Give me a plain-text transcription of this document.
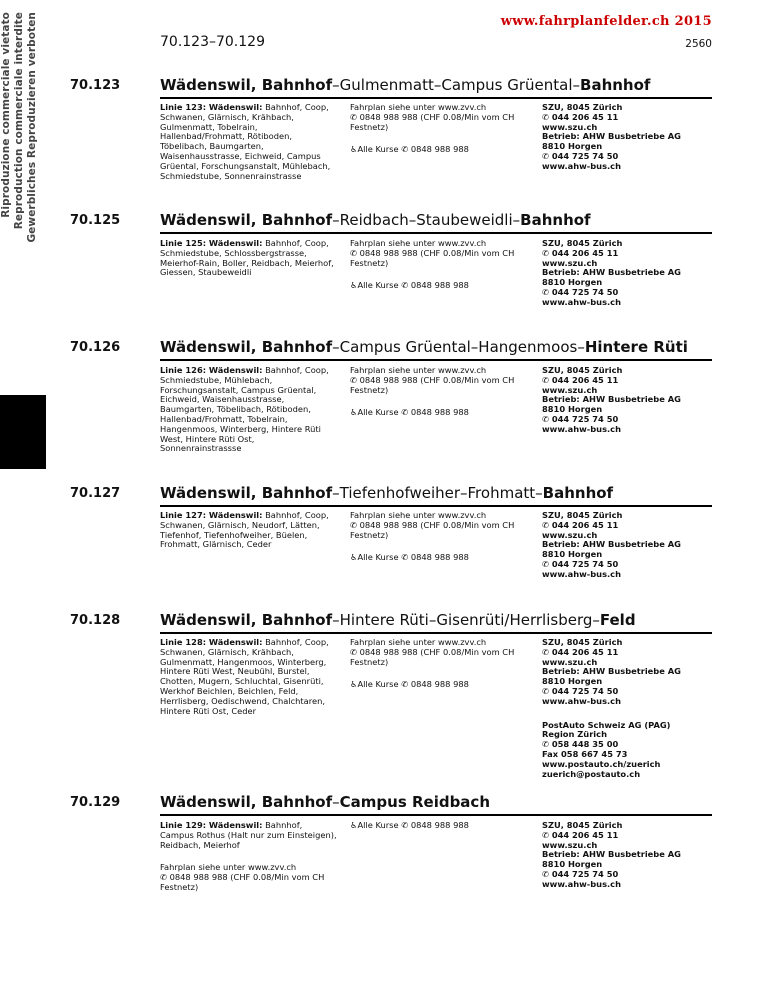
Gewerbliches Reproduzieren verboten
Reproduction commerciale interdite
Riproduzione commerciale vietato	www.fahrplanfelder.ch 2015
70.123–70.129	2560
70.123	Wädenswil, Bahnhof–Gulmenmatt–Campus Grüental–Bahnhof
Linie 123: Wädenswil: Bahnhof, Coop, Schwanen, Glärnisch, Krähbach, Gulmenmatt, Tobelrain, Hallenbad/Frohmatt, Rötiboden, Töbelibach, Baumgarten, Waisenhausstrasse, Eichweid, Campus Grüental, Forschungsanstalt, Mühlebach, Schmiedstube, Sonnenrainstrasse
Fahrplan siehe unter www.zvv.ch
✆ 0848 988 988 (CHF 0.08/Min vom CH Festnetz)
♿Alle Kurse ✆ 0848 988 988
SZU, 8045 Zürich
✆ 044 206 45 11
www.szu.ch
Betrieb: AHW Busbetriebe AG
8810 Horgen
✆ 044 725 74 50
www.ahw-bus.ch
70.125	Wädenswil, Bahnhof–Reidbach–Staubeweidli–Bahnhof
Linie 125: Wädenswil: Bahnhof, Coop, Schmiedstube, Schlossbergstrasse, Meierhof-Rain, Boller, Reidbach, Meierhof, Giessen, Staubeweidli
Fahrplan siehe unter www.zvv.ch
✆ 0848 988 988 (CHF 0.08/Min vom CH Festnetz)
♿Alle Kurse ✆ 0848 988 988
SZU, 8045 Zürich
✆ 044 206 45 11
www.szu.ch
Betrieb: AHW Busbetriebe AG
8810 Horgen
✆ 044 725 74 50
www.ahw-bus.ch
70.126	Wädenswil, Bahnhof–Campus Grüental–Hangenmoos–Hintere Rüti
Linie 126: Wädenswil: Bahnhof, Coop, Schmiedstube, Mühlebach, Forschungsanstalt, Campus Grüental, Eichweid, Waisenhausstrasse, Baumgarten, Töbelibach, Rötiboden, Hallenbad/Frohmatt, Tobelrain, Hangenmoos, Winterberg, Hintere Rüti West, Hintere Rüti Ost, Sonnenrainstrassse
Fahrplan siehe unter www.zvv.ch
✆ 0848 988 988 (CHF 0.08/Min vom CH Festnetz)
♿Alle Kurse ✆ 0848 988 988
SZU, 8045 Zürich
✆ 044 206 45 11
www.szu.ch
Betrieb: AHW Busbetriebe AG
8810 Horgen
✆ 044 725 74 50
www.ahw-bus.ch
70.127	Wädenswil, Bahnhof–Tiefenhofweiher–Frohmatt–Bahnhof
Linie 127: Wädenswil: Bahnhof, Coop, Schwanen, Glärnisch, Neudorf, Lätten, Tiefenhof, Tiefenhofweiher, Büelen, Frohmatt, Glärnisch, Ceder
Fahrplan siehe unter www.zvv.ch
✆ 0848 988 988 (CHF 0.08/Min vom CH Festnetz)
♿Alle Kurse ✆ 0848 988 988
SZU, 8045 Zürich
✆ 044 206 45 11
www.szu.ch
Betrieb: AHW Busbetriebe AG
8810 Horgen
✆ 044 725 74 50
www.ahw-bus.ch
70.128	Wädenswil, Bahnhof–Hintere Rüti–Gisenrüti/Herrlisberg–Feld
Linie 128: Wädenswil: Bahnhof, Coop, Schwanen, Glärnisch, Krähbach, Gulmenmatt, Hangenmoos, Winterberg, Hintere Rüti West, Neubühl, Burstel, Chotten, Mugern, Schluchtal, Gisenrüti, Werkhof Beichlen, Beichlen, Feld, Herrlisberg, Oedischwend, Chalchtaren, Hintere Rüti Ost, Ceder
Fahrplan siehe unter www.zvv.ch
✆ 0848 988 988 (CHF 0.08/Min vom CH Festnetz)
♿Alle Kurse ✆ 0848 988 988
SZU, 8045 Zürich
✆ 044 206 45 11
www.szu.ch
Betrieb: AHW Busbetriebe AG
8810 Horgen
✆ 044 725 74 50
www.ahw-bus.ch
PostAuto Schweiz AG (PAG)
Region Zürich
✆ 058 448 35 00
Fax 058 667 45 73
www.postauto.ch/zuerich
zuerich@postauto.ch
70.129	Wädenswil, Bahnhof–Campus Reidbach
Linie 129: Wädenswil: Bahnhof, Campus Rothus (Halt nur zum Einsteigen), Reidbach, Meierhof
Fahrplan siehe unter www.zvv.ch
✆ 0848 988 988 (CHF 0.08/Min vom CH Festnetz)
♿Alle Kurse ✆ 0848 988 988	SZU, 8045 Zürich
✆ 044 206 45 11
www.szu.ch
Betrieb: AHW Busbetriebe AG
8810 Horgen
✆ 044 725 74 50
www.ahw-bus.ch
